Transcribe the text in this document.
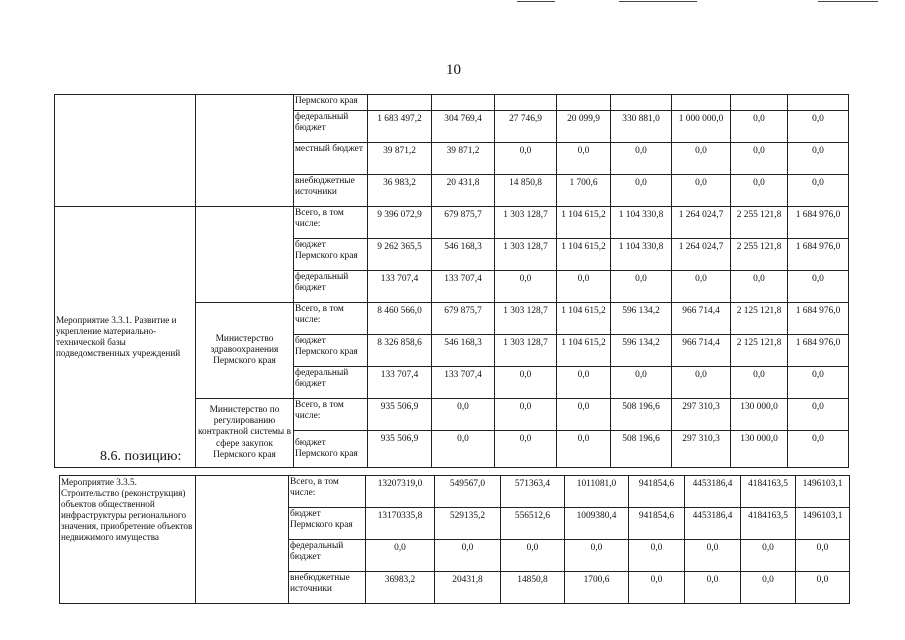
10
		Пермского края								
		федеральный бюджет	1 683 497,2	304 769,4	27 746,9	20 099,9	330 881,0	1 000 000,0	0,0	0,0
		местный бюджет	39 871,2	39 871,2	0,0	0,0	0,0	0,0	0,0	0,0
		внебюджетные источники	36 983,2	20 431,8	14 850,8	1 700,6	0,0	0,0	0,0	0,0
Мероприятие 3.3.1. Развитие и укрепление материально-технической базы подведомственных учреждений		Всего, в том числе:	9 396 072,9	679 875,7	1 303 128,7	1 104 615,2	1 104 330,8	1 264 024,7	2 255 121,8	1 684 976,0
		бюджет Пермского края	9 262 365,5	546 168,3	1 303 128,7	1 104 615,2	1 104 330,8	1 264 024,7	2 255 121,8	1 684 976,0
		федеральный бюджет	133 707,4	133 707,4	0,0	0,0	0,0	0,0	0,0	0,0
	Министерство здравоохранения Пермского края	Всего, в том числе:	8 460 566,0	679 875,7	1 303 128,7	1 104 615,2	596 134,2	966 714,4	2 125 121,8	1 684 976,0
		бюджет Пермского края	8 326 858,6	546 168,3	1 303 128,7	1 104 615,2	596 134,2	966 714,4	2 125 121,8	1 684 976,0
		федеральный бюджет	133 707,4	133 707,4	0,0	0,0	0,0	0,0	0,0	0,0
	Министерство по регулированию контрактной системы в сфере закупок Пермского края	Всего, в том числе:	935 506,9	0,0	0,0	0,0	508 196,6	297 310,3	130 000,0	0,0
		бюджет Пермского края	935 506,9	0,0	0,0	0,0	508 196,6	297 310,3	130 000,0	0,0
8.6. позицию:
Мероприятие 3.3.5. Строительство (реконструкция) объектов общественной инфраструктуры регионального значения, приобретение объектов недвижимого имущества		Всего, в том числе:	13207319,0	549567,0	571363,4	1011081,0	941854,6	4453186,4	4184163,5	1496103,1
		бюджет Пермского края	13170335,8	529135,2	556512,6	1009380,4	941854,6	4453186,4	4184163,5	1496103,1
		федеральный бюджет	0,0	0,0	0,0	0,0	0,0	0,0	0,0	0,0
		внебюджетные источники	36983,2	20431,8	14850,8	1700,6	0,0	0,0	0,0	0,0
